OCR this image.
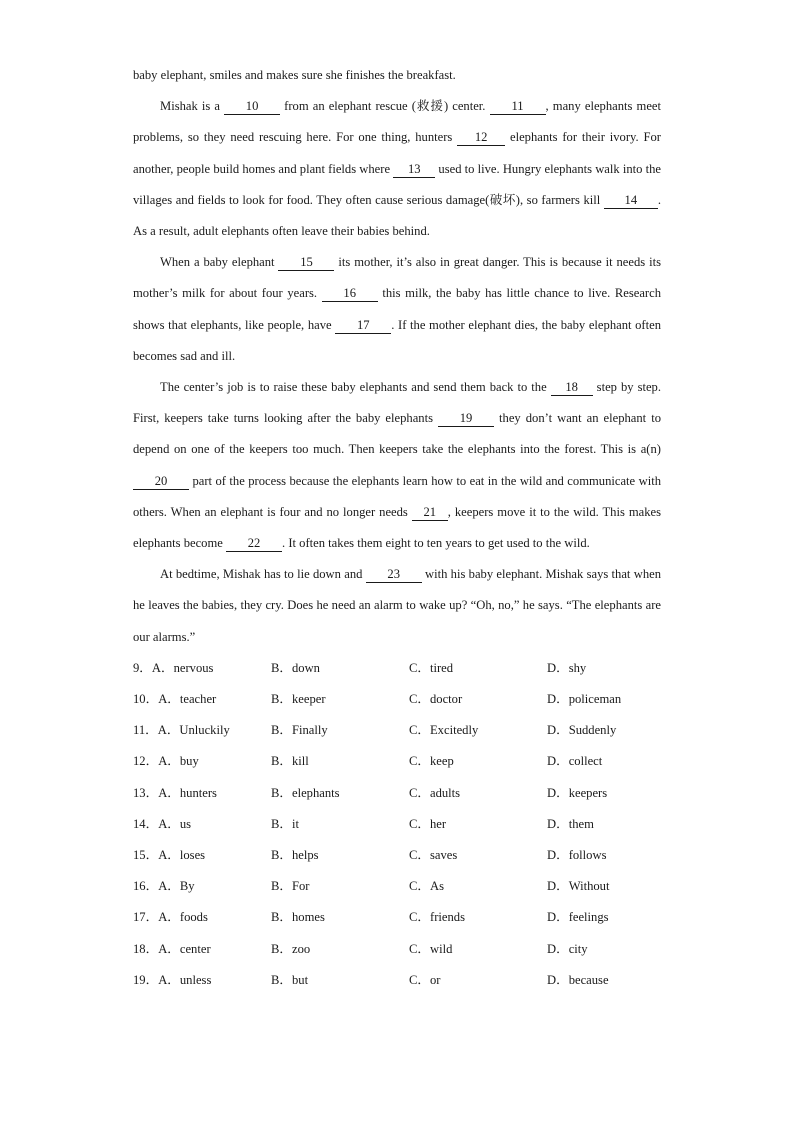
baby elephant, smiles and makes sure she finishes the breakfast.

Mishak is a 10 from an elephant rescue (救援) center. 11 , many elephants meet problems, so they need rescuing here. For one thing, hunters 12 elephants for their ivory. For another, people build homes and plant fields where 13 used to live. Hungry elephants walk into the villages and fields to look for food. They often cause serious damage(破坏), so farmers kill 14 . As a result, adult elephants often leave their babies behind.

When a baby elephant 15 its mother, it’s also in great danger. This is because it needs its mother’s milk for about four years. 16 this milk, the baby has little chance to live. Research shows that elephants, like people, have 17 . If the mother elephant dies, the baby elephant often becomes sad and ill.

The center’s job is to raise these baby elephants and send them back to the 18 step by step. First, keepers take turns looking after the baby elephants 19 they don’t want an elephant to depend on one of the keepers too much. Then keepers take the elephants into the forest. This is a(n) 20 part of the process because the elephants learn how to eat in the wild and communicate with others. When an elephant is four and no longer needs 21 , keepers move it to the wild. This makes elephants become 22 . It often takes them eight to ten years to get used to the wild.

At bedtime, Mishak has to lie down and 23 with his baby elephant. Mishak says that when he leaves the babies, they cry. Does he need an alarm to wake up? “Oh, no,” he says. “The elephants are our alarms.”

9．A．nervous	B．down	C．tired	D．shy
10．A．teacher	B．keeper	C．doctor	D．policeman
11．A．Unluckily	B．Finally	C．Excitedly	D．Suddenly
12．A．buy	B．kill	C．keep	D．collect
13．A．hunters	B．elephants	C．adults	D．keepers
14．A．us	B．it	C．her	D．them
15．A．loses	B．helps	C．saves	D．follows
16．A．By	B．For	C．As	D．Without
17．A．foods	B．homes	C．friends	D．feelings
18．A．center	B．zoo	C．wild	D．city
19．A．unless	B．but	C．or	D．because
